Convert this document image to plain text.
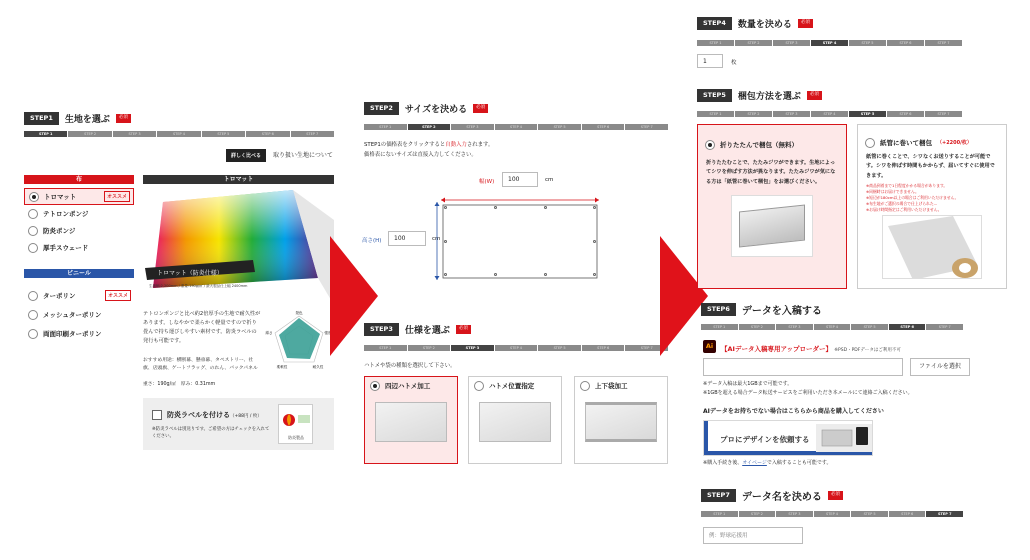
STEP1	生地を選ぶ	必須
STEP 1	STEP 2	STEP 3	STEP 4	STEP 5	STEP 6	STEP 7
詳しく比べる	取り扱い生地について
布
トロマット	オススメ
テトロンポンジ
防炎ポンジ
厚手スウェード
ビニール
ターポリン	オススメ
メッシュターポリン
両面印刷ターポリン
トロマット
トロマット（防炎仕様）
生地幅:2,200mm / 重量:190g/㎡ / 最大製品仕上幅 2400mm
テトロンポンジと比べ約2倍厚手の生地で耐久性があります。しなやかで柔らかく軽量ですので折り畳んで持ち運びしやすい素材です。防炎ラベルの発行も可能です。
おすすめ用途：横断幕、懸垂幕、タペストリー、社旗、店頭旗、ゲートフラッグ、のれん、バックパネル
重さ：190g/㎡　厚み：0.31mm
発色
強度
耐久性
柔軟性
薄さ
防炎ラベルを付ける（+88円 / 枚）
※防炎ラベルは別送りです。ご希望の方はチェックを入れてください。	防炎製品
STEP2	サイズを決める	必須
STEP 1	STEP 2	STEP 3	STEP 4	STEP 5	STEP 6	STEP 7
STEP1の価格表をクリックすると自動入力されます。
価格表にないサイズは直接入力してください。
幅(W)	100	cm
高さ(H)	100	cm
STEP3	仕様を選ぶ	必須
STEP 1	STEP 2	STEP 3	STEP 4	STEP 5	STEP 6	STEP 7
ハトメや袋の種類を選択して下さい。
四辺ハトメ加工	ハトメ位置指定	上下袋加工
STEP4	数量を決める	必須
STEP 1	STEP 2	STEP 3	STEP 4	STEP 5	STEP 6	STEP 7
1	枚
STEP5	梱包方法を選ぶ	必須
STEP 1	STEP 2	STEP 3	STEP 4	STEP 5	STEP 6	STEP 7
折りたたんで梱包（無料）
折りたたむことで、たたみジワができます。生地によってシワを伸ばす方法が異なります。たたみジワが気になる方は「紙管に巻いて梱包」をお選びください。
紙管に巻いて梱包 （+2200/枚）
紙管に巻くことで、シワなくお送りすることが可能です。シワを伸ばす時間もかからず、届いてすぐに使用できます。
※商品到着まで1日程度かかる場合があります。
※同梱時はお届けできません。
※短辺が180cm以上の場合はご利用いただけません。
※布生地がご選択の場合で仕上げられた...
※お届け時間指定はご利用いただけません。
STEP6	データを入稿する
STEP 1	STEP 2	STEP 3	STEP 4	STEP 5	STEP 6	STEP 7
Ai	【AIデータ入稿専用アップローダー】 ※PSD・PDFデータはご利用不可
ファイルを選択
※データ入稿は最大1GBまで可能です。
※1GBを超える場合データ転送サービスをご利用いただき本メールにて連絡ご入稿ください。
AIデータをお持ちでない場合はこちらから商品を購入してください
プロにデザインを依頼する
※購入手続き後、オイページで入稿することも可能です。
STEP7	データ名を決める	必須
STEP 1	STEP 2	STEP 3	STEP 4	STEP 5	STEP 6	STEP 7
例：野球応援用
